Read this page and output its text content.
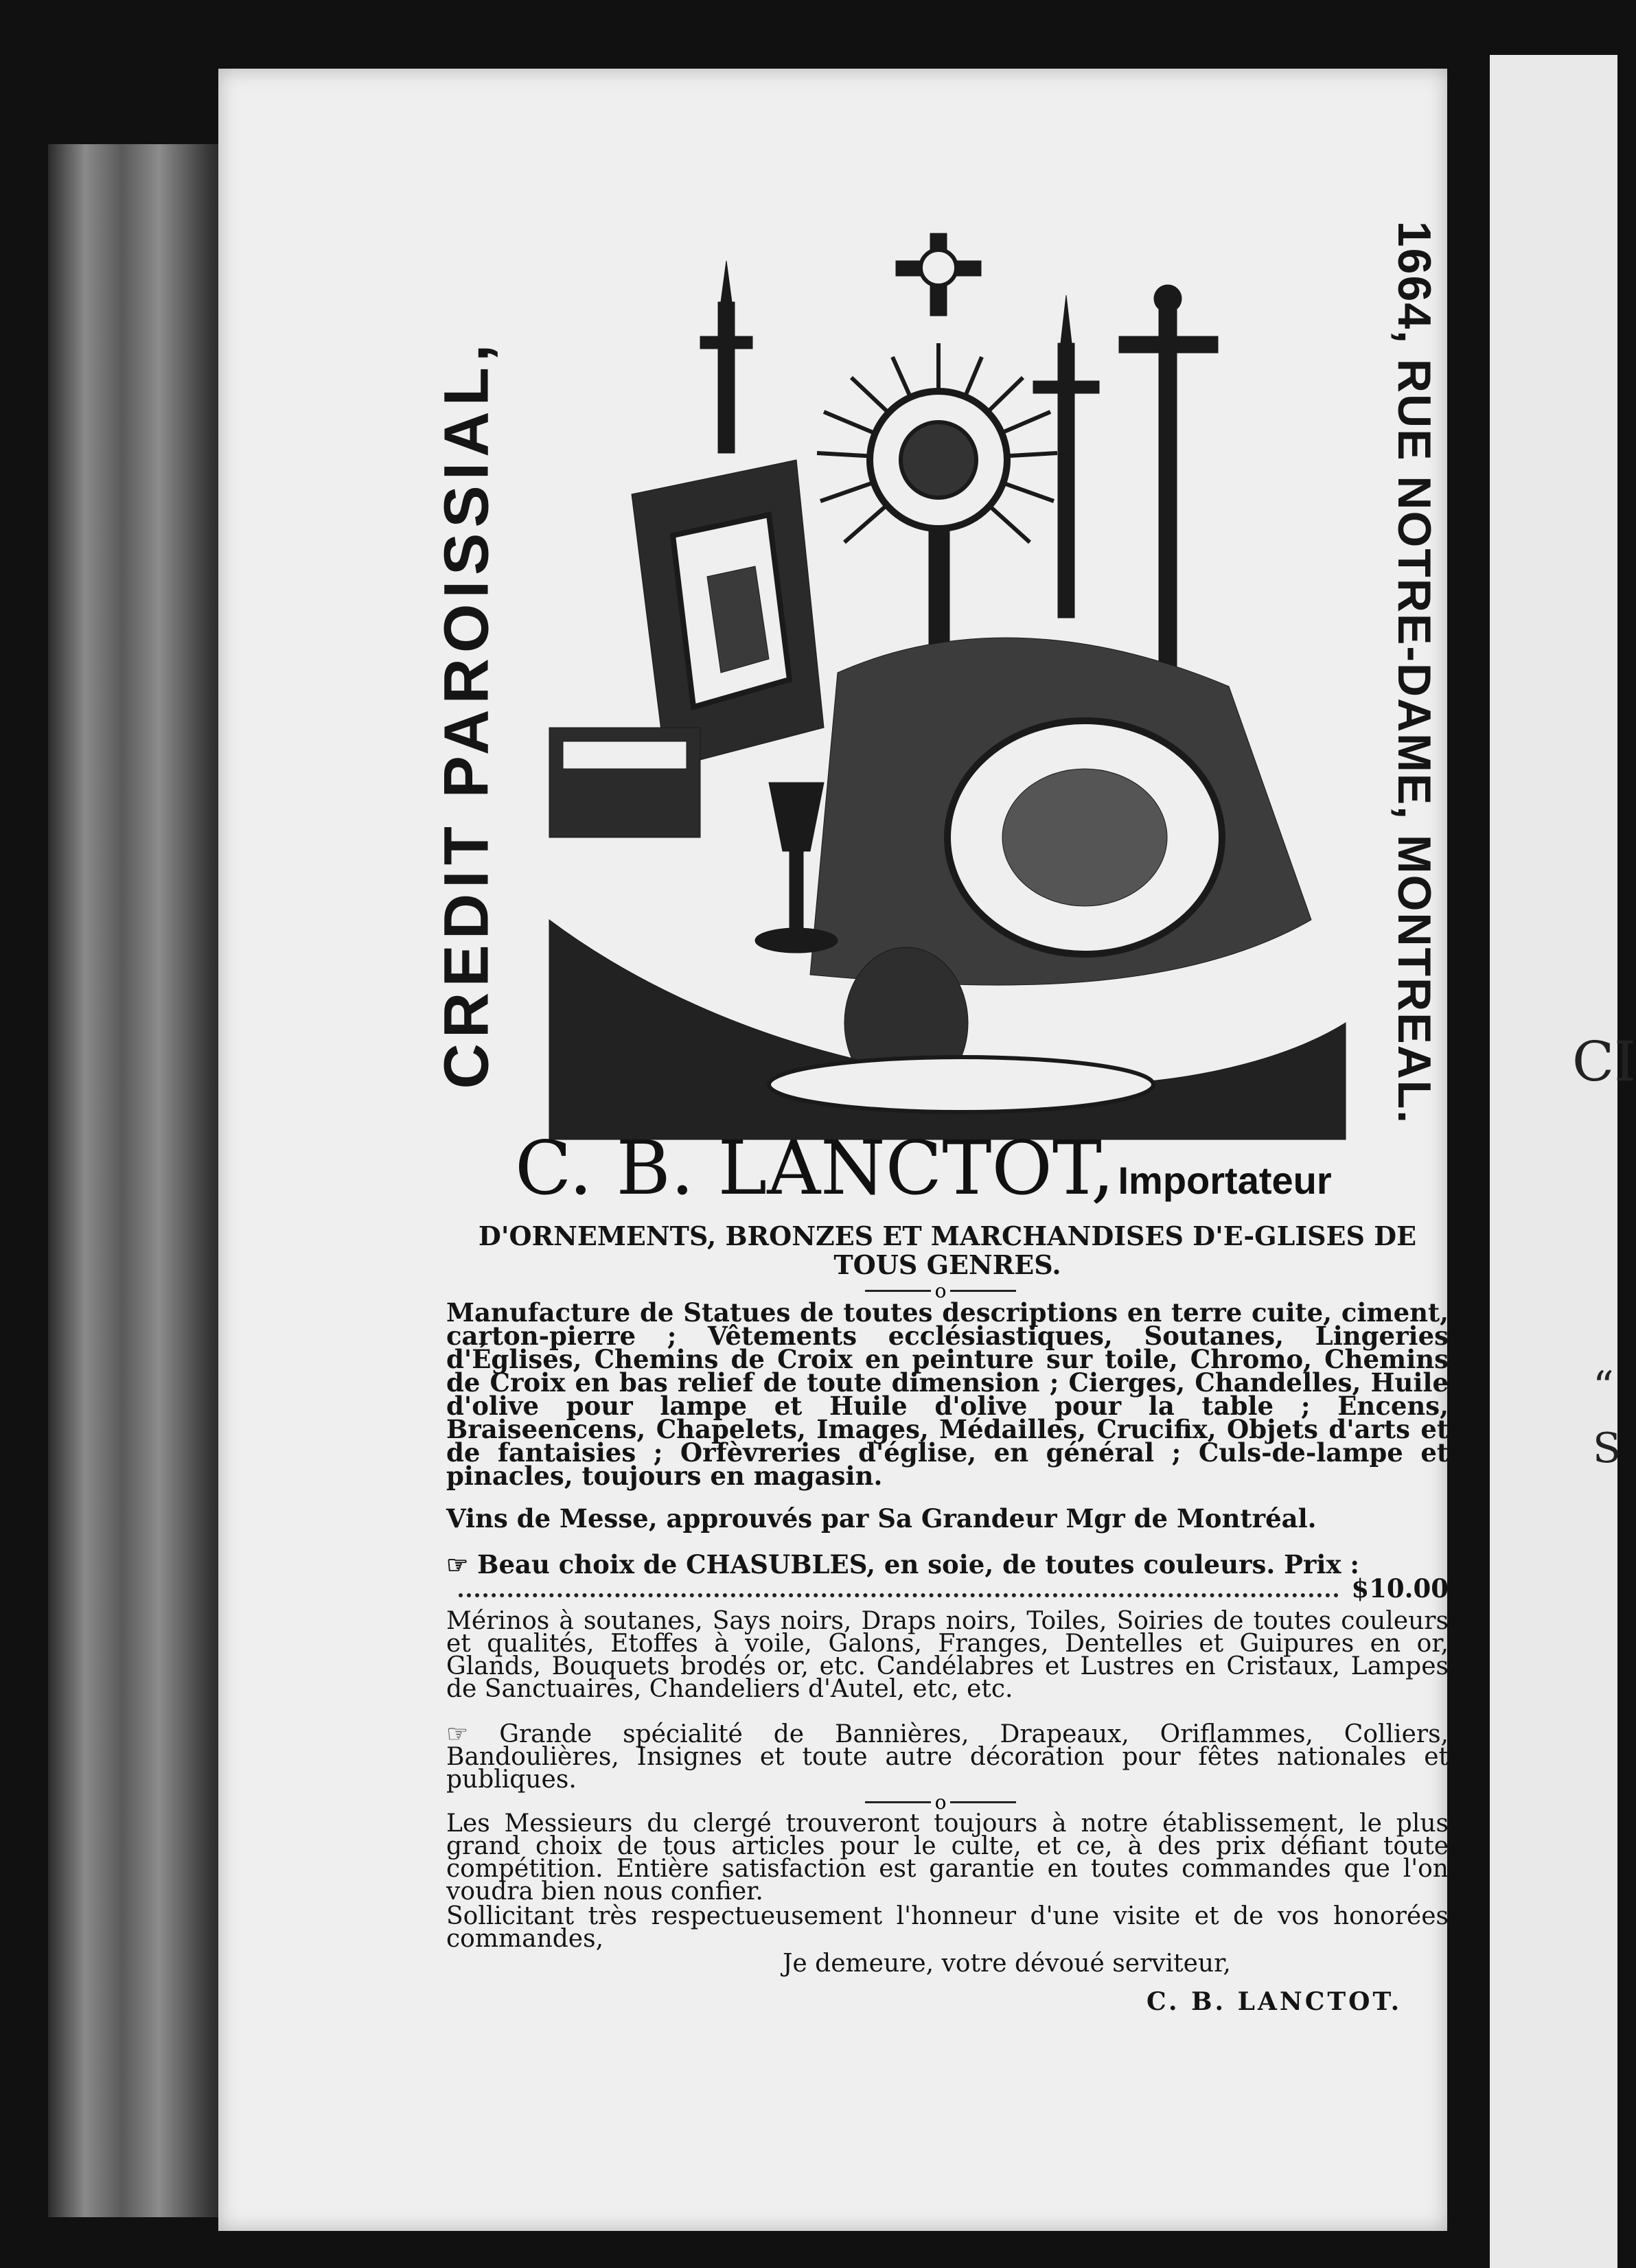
CI
“
S
CREDIT PAROISSIAL,	1664, RUE NOTRE-DAME, MONTREAL.
C. B. LANCTOT, Importateur
D'ORNEMENTS, BRONZES ET MARCHANDISES D'E-GLISES DE TOUS GENRES.
o
Manufacture de Statues de toutes descriptions en terre cuite, ciment, carton-pierre ; Vêtements ecclésiastiques, Soutanes, Lingeries d'Églises, Chemins de Croix en peinture sur toile, Chromo, Chemins de Croix en bas relief de toute dimension ; Cierges, Chandelles, Huile d'olive pour lampe et Huile d'olive pour la table ; Encens, Braiseencens, Chapelets, Images, Médailles, Crucifix, Objets d'arts et de fantaisies ; Orfèvreries d'église, en général ; Culs-de-lampe et pinacles, toujours en magasin.
Vins de Messe, approuvés par Sa Grandeur Mgr de Montréal.
☞ Beau choix de CHASUBLES, en soie, de toutes couleurs. Prix :
$10.00
Mérinos à soutanes, Says noirs, Draps noirs, Toiles, Soiries de toutes couleurs et qualités, Etoffes à voile, Galons, Franges, Dentelles et Guipures en or, Glands, Bouquets brodés or, etc. Candélabres et Lustres en Cristaux, Lampes de Sanctuaires, Chandeliers d'Autel, etc, etc.
☞ Grande spécialité de Bannières, Drapeaux, Oriflammes, Colliers, Bandoulières, Insignes et toute autre décoration pour fêtes nationales et publiques.
o
Les Messieurs du clergé trouveront toujours à notre établissement, le plus grand choix de tous articles pour le culte, et ce, à des prix défiant toute compétition. Entière satisfaction est garantie en toutes commandes que l'on voudra bien nous confier.
Sollicitant très respectueusement l'honneur d'une visite et de vos honorées commandes,
Je demeure, votre dévoué serviteur,
C. B. LANCTOT.
